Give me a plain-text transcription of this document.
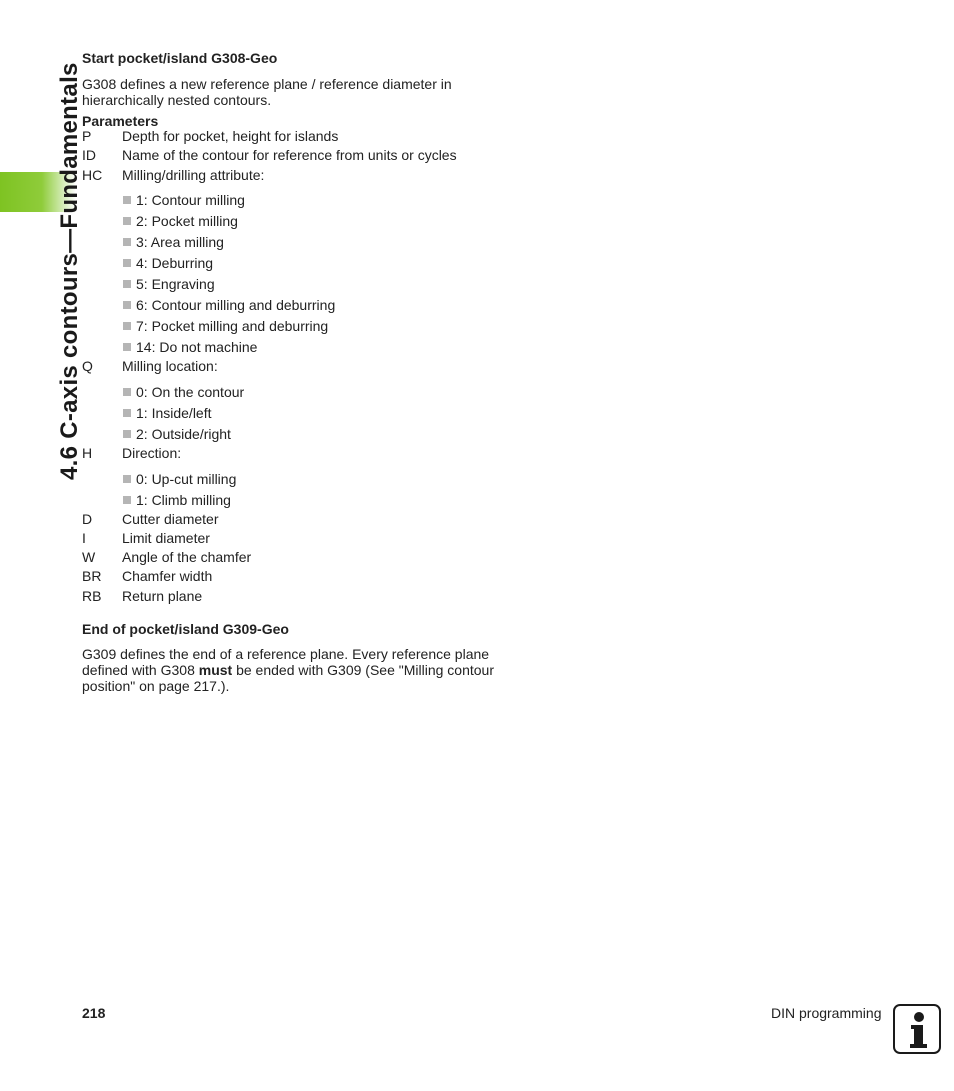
4.6 C-axis contours—Fundamentals

Start pocket/island G308-Geo

G308 defines a new reference plane / reference diameter in hierarchically nested contours.

Parameters

P	Depth for pocket, height for islands
ID	Name of the contour for reference from units or cycles
HC	Milling/drilling attribute:
1: Contour milling
2: Pocket milling
3: Area milling
4: Deburring
5: Engraving
6: Contour milling and deburring
7: Pocket milling and deburring
14: Do not machine
Q	Milling location:
0: On the contour
1: Inside/left
2: Outside/right
H	Direction:
0: Up-cut milling
1: Climb milling
D	Cutter diameter
I	Limit diameter
W	Angle of the chamfer
BR	Chamfer width
RB	Return plane

End of pocket/island G309-Geo

G309 defines the end of a reference plane. Every reference plane defined with G308 must be ended with G309 (See "Milling contour position" on page 217.).

218	DIN programming
